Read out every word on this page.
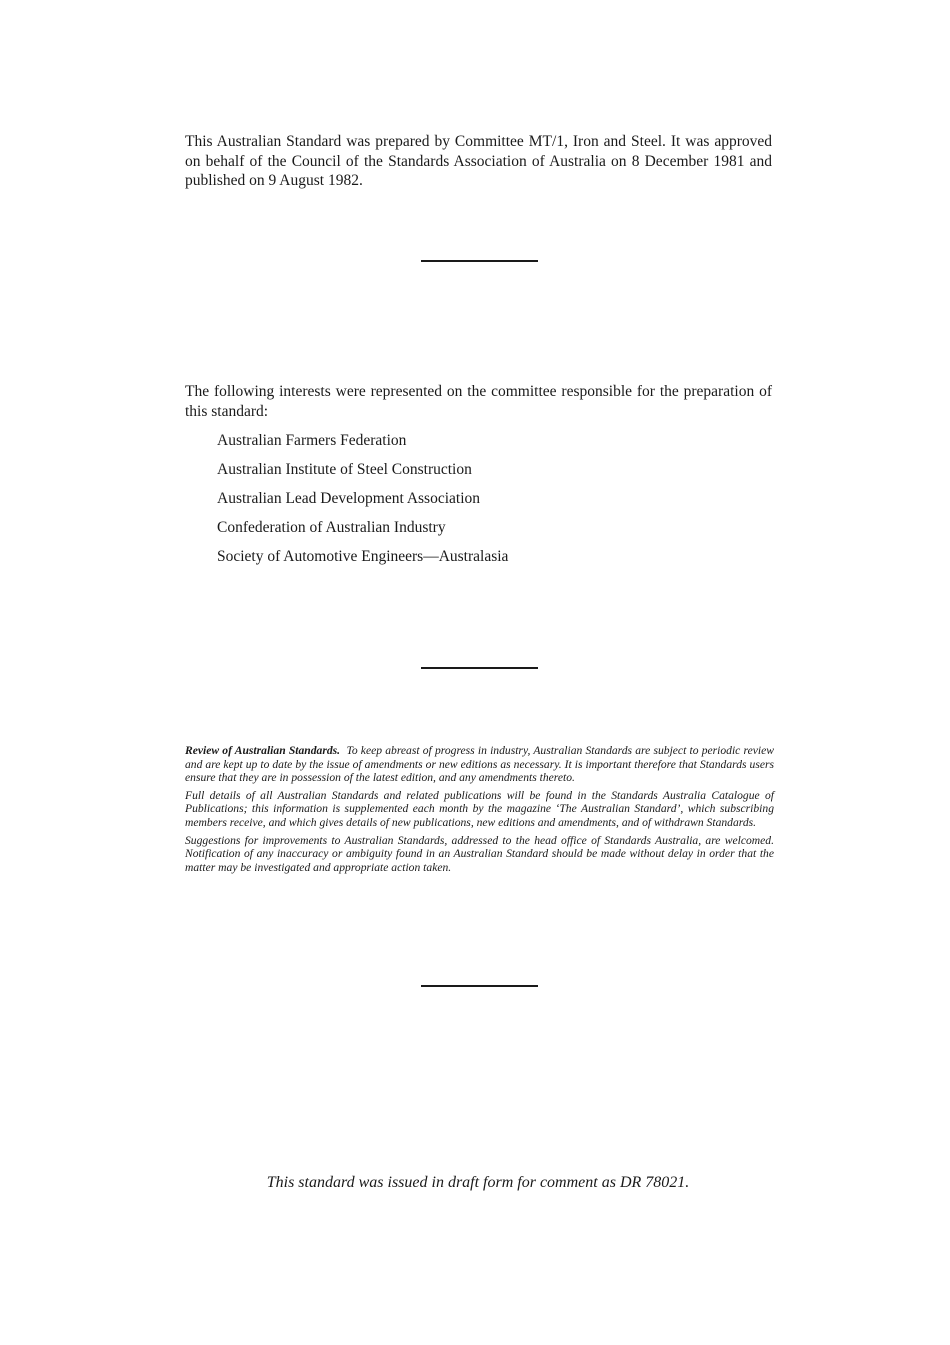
This Australian Standard was prepared by Committee MT/1, Iron and Steel. It was approved on behalf of the Council of the Standards Association of Australia on 8 December 1981 and published on 9 August 1982.

The following interests were represented on the committee responsible for the preparation of this standard:

Australian Farmers Federation
Australian Institute of Steel Construction
Australian Lead Development Association
Confederation of Australian Industry
Society of Automotive Engineers—Australasia

Review of Australian Standards. To keep abreast of progress in industry, Australian Standards are subject to periodic review and are kept up to date by the issue of amendments or new editions as necessary. It is important therefore that Standards users ensure that they are in possession of the latest edition, and any amendments thereto.

Full details of all Australian Standards and related publications will be found in the Standards Australia Catalogue of Publications; this information is supplemented each month by the magazine ‘The Australian Standard’, which subscribing members receive, and which gives details of new publications, new editions and amendments, and of withdrawn Standards.

Suggestions for improvements to Australian Standards, addressed to the head office of Standards Australia, are welcomed. Notification of any inaccuracy or ambiguity found in an Australian Standard should be made without delay in order that the matter may be investigated and appropriate action taken.

This standard was issued in draft form for comment as DR 78021.
